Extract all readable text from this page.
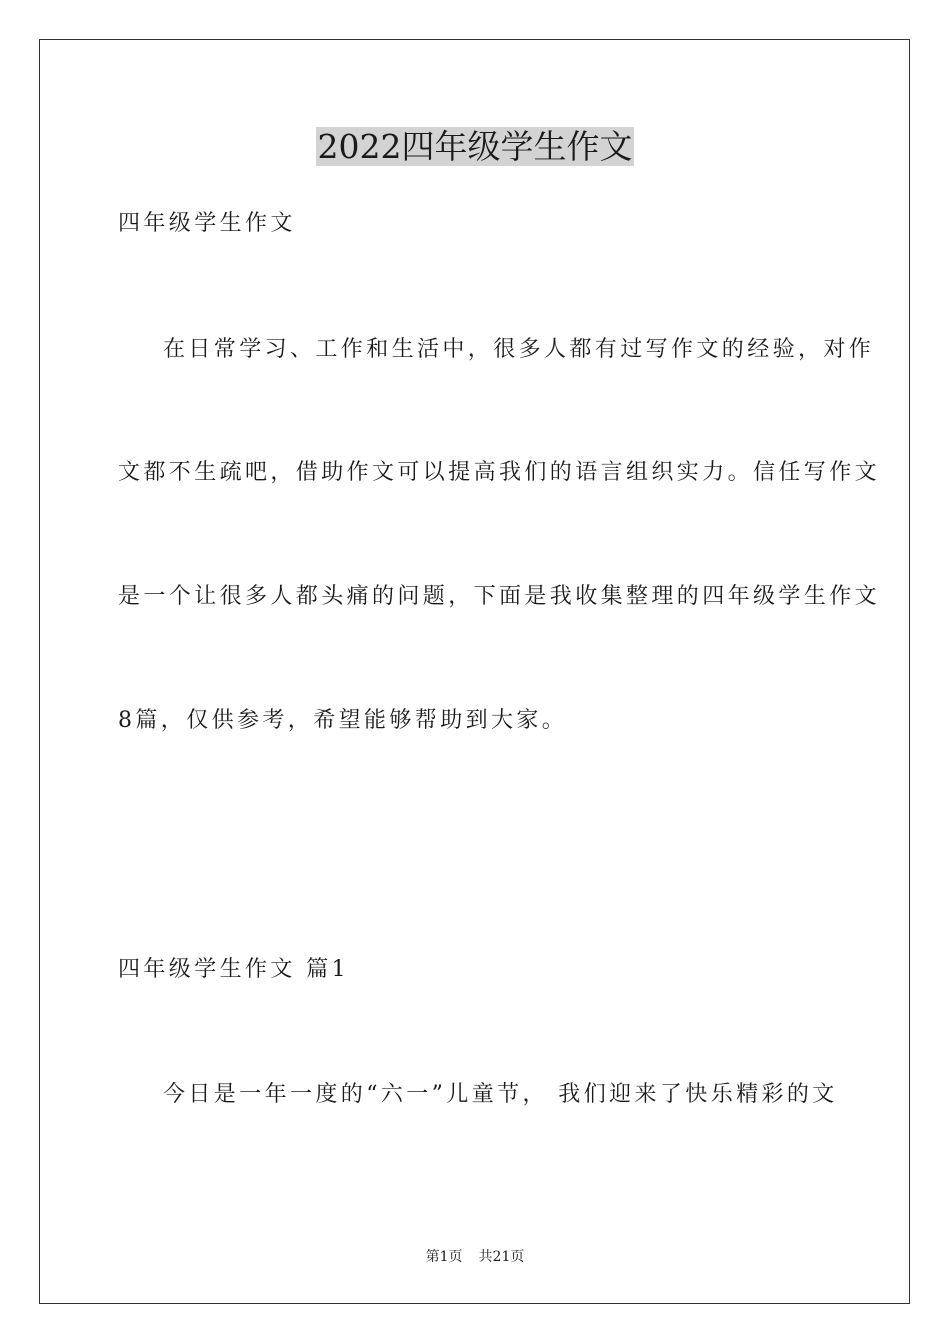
2022四年级学生作文
四年级学生作文
在日常学习、工作和生活中，很多人都有过写作文的经验，对作
文都不生疏吧，借助作文可以提高我们的语言组织实力。信任写作文
是一个让很多人都头痛的问题，下面是我收集整理的四年级学生作文
8篇，仅供参考，希望能够帮助到大家。
四年级学生作文 篇1
今日是一年一度的“六一”儿童节， 我们迎来了快乐精彩的文
第1页 共21页
